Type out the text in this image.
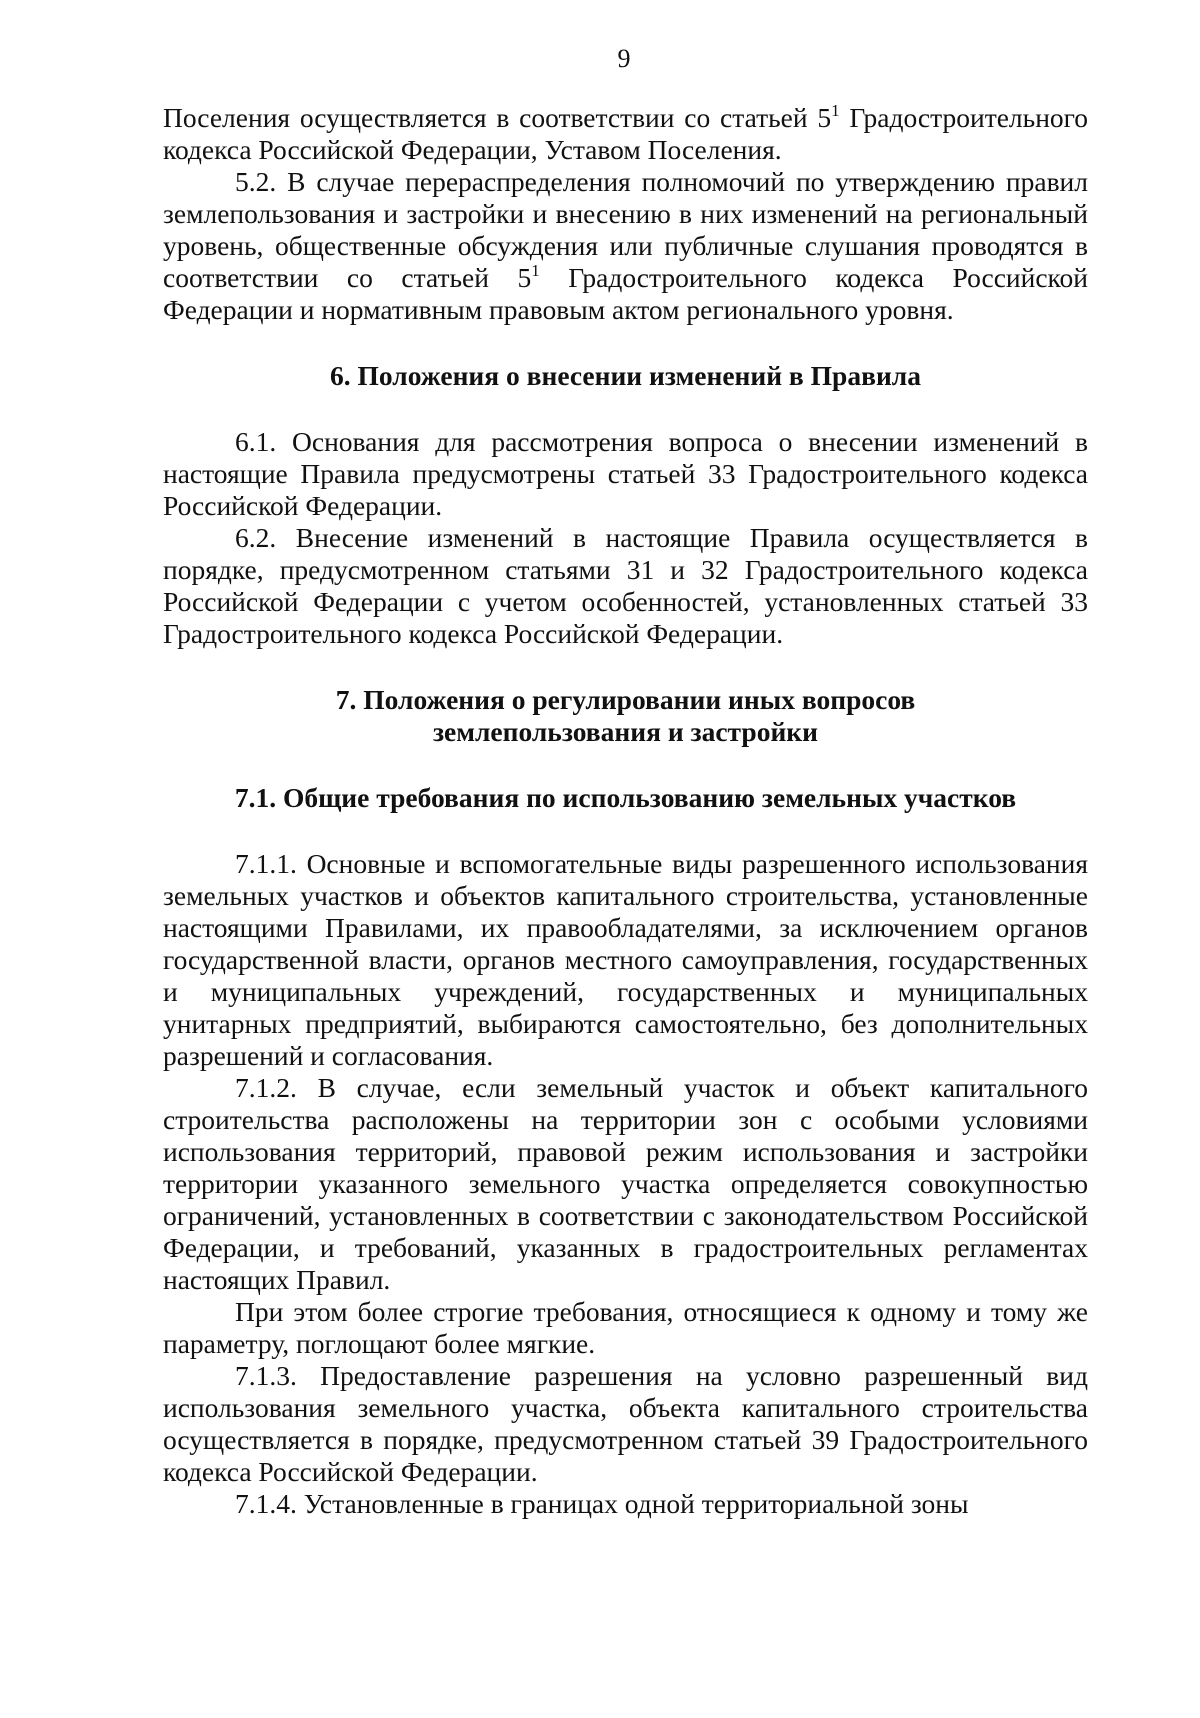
9

Поселения осуществляется в соответствии со статьей $5^1$ Градостроительного кодекса Российской Федерации, Уставом Поселения.

5.2. В случае перераспределения полномочий по утверждению правил землепользования и застройки и внесению в них изменений на региональный уровень, общественные обсуждения или публичные слушания проводятся в соответствии со статьей $5^1$ Градостроительного кодекса Российской Федерации и нормативным правовым актом регионального уровня.

6. Положения о внесении изменений в Правила

6.1. Основания для рассмотрения вопроса о внесении изменений в настоящие Правила предусмотрены статьей 33 Градостроительного кодекса Российской Федерации.

6.2. Внесение изменений в настоящие Правила осуществляется в порядке, предусмотренном статьями 31 и 32 Градостроительного кодекса Российской Федерации с учетом особенностей, установленных статьей 33 Градостроительного кодекса Российской Федерации.

7. Положения о регулировании иных вопросов
землепользования и застройки
7.1. Общие требования по использованию земельных участков

7.1.1. Основные и вспомогательные виды разрешенного использования земельных участков и объектов капитального строительства, установленные настоящими Правилами, их правообладателями, за исключением органов государственной власти, органов местного самоуправления, государственных и муниципальных учреждений, государственных и муниципальных унитарных предприятий, выбираются самостоятельно, без дополнительных разрешений и согласования.

7.1.2. В случае, если земельный участок и объект капитального строительства расположены на территории зон с особыми условиями использования территорий, правовой режим использования и застройки территории указанного земельного участка определяется совокупностью ограничений, установленных в соответствии с законодательством Российской Федерации, и требований, указанных в градостроительных регламентах настоящих Правил.

При этом более строгие требования, относящиеся к одному и тому же параметру, поглощают более мягкие.

7.1.3. Предоставление разрешения на условно разрешенный вид использования земельного участка, объекта капитального строительства осуществляется в порядке, предусмотренном статьей 39 Градостроительного кодекса Российской Федерации.

7.1.4. Установленные в границах одной территориальной зоны
